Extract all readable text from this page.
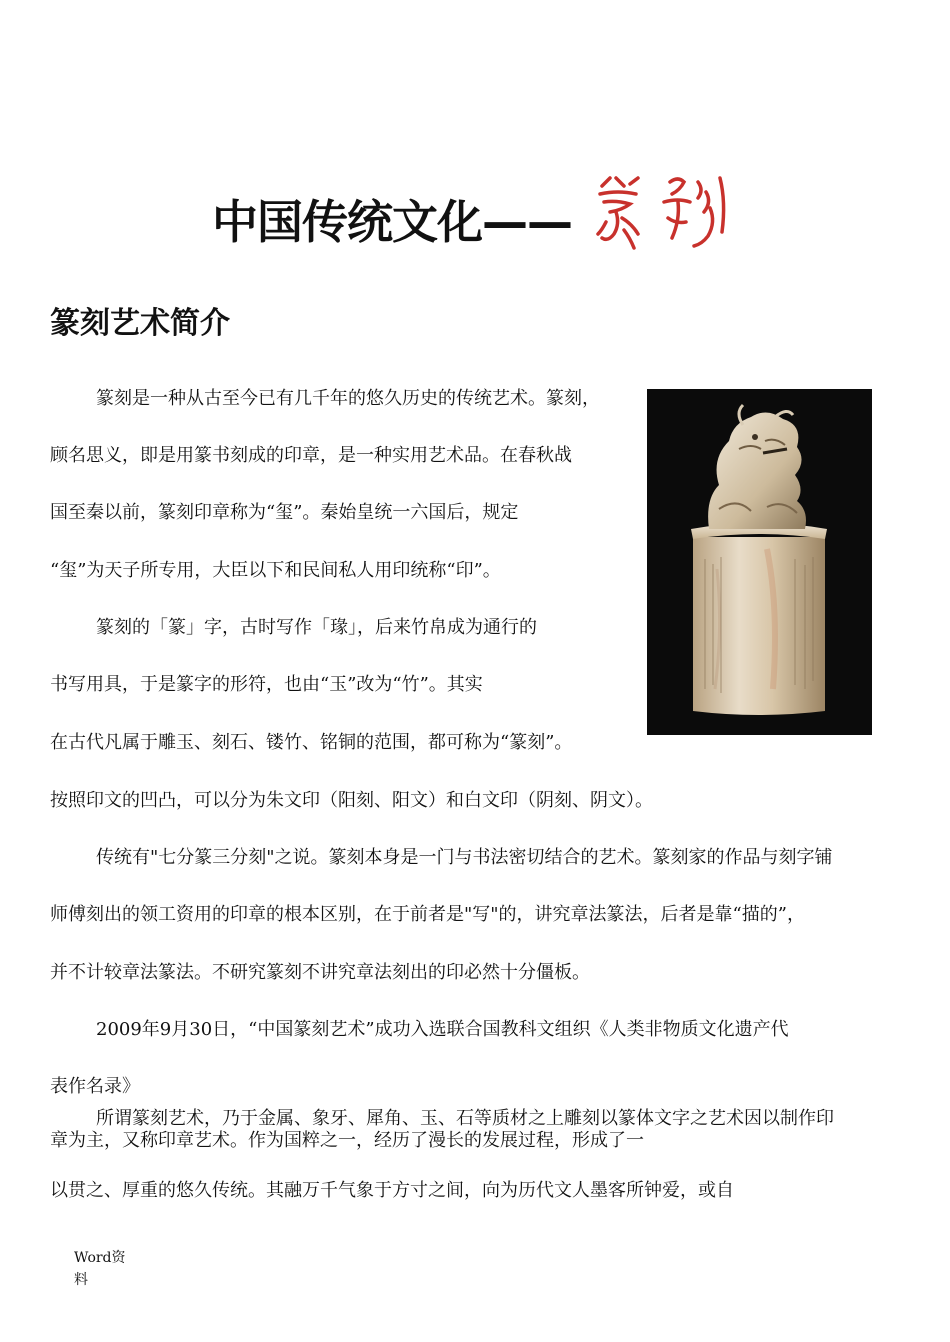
中国传统文化——
篆刻艺术简介
篆刻是一种从古至今已有几千年的悠久历史的传统艺术。篆刻，
顾名思义，即是用篆书刻成的印章，是一种实用艺术品。在春秋战
国至秦以前，篆刻印章称为“玺”。秦始皇统一六国后，规定
“玺”为天子所专用，大臣以下和民间私人用印统称“印”。
篆刻的「篆」字，古时写作「瑑」，后来竹帛成为通行的
书写用具，于是篆字的形符，也由“玉”改为“竹”。其实
在古代凡属于雕玉、刻石、镂竹、铭铜的范围，都可称为“篆刻”。
按照印文的凹凸，可以分为朱文印（阳刻、阳文）和白文印（阴刻、阴文）。
传统有"七分篆三分刻"之说。篆刻本身是一门与书法密切结合的艺术。篆刻家的作品与刻字铺
师傅刻出的领工资用的印章的根本区别，在于前者是"写"的，讲究章法篆法，后者是靠“描的”，
并不计较章法篆法。不研究篆刻不讲究章法刻出的印必然十分僵板。
2009年9月30日，“中国篆刻艺术”成功入选联合国教科文组织《人类非物质文化遗产代
表作名录》
所谓篆刻艺术，乃于金属、象牙、犀角、玉、石等质材之上雕刻以篆体文字之艺术因以制作印
章为主，又称印章艺术。作为国粹之一，经历了漫长的发展过程，形成了一
以贯之、厚重的悠久传统。其融万千气象于方寸之间，向为历代文人墨客所钟爱，或自
Word资
料
